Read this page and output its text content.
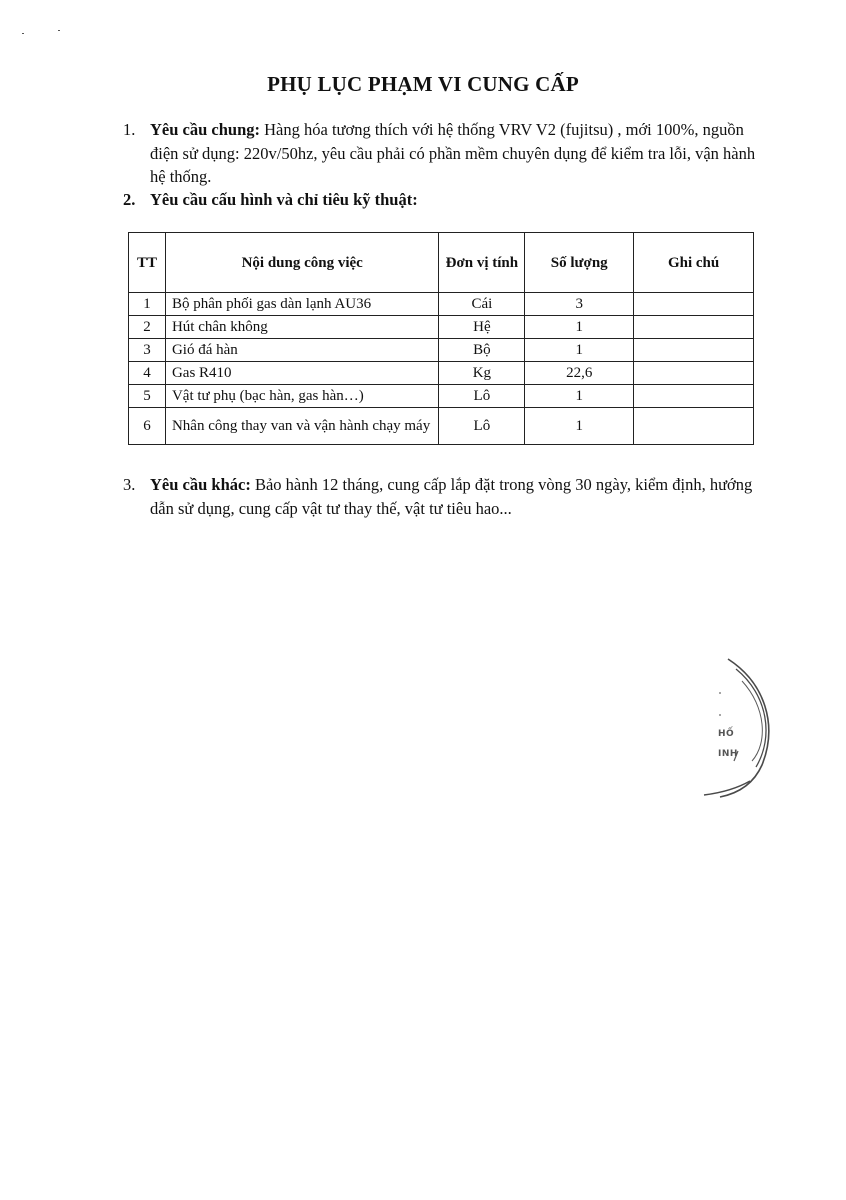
PHỤ LỤC PHẠM VI CUNG CẤP
1. Yêu cầu chung: Hàng hóa tương thích với hệ thống VRV V2 (fujitsu) , mới 100%, nguồn điện sử dụng: 220v/50hz, yêu cầu phải có phần mềm chuyên dụng để kiểm tra lỗi, vận hành hệ thống.
2. Yêu cầu cấu hình và chỉ tiêu kỹ thuật:
TT	Nội dung công việc	Đơn vị tính	Số lượng	Ghi chú
1	Bộ phân phối gas dàn lạnh AU36	Cái	3	
2	Hút chân không	Hệ	1	
3	Gió đá hàn	Bộ	1	
4	Gas R410	Kg	22,6	
5	Vật tư phụ (bạc hàn, gas hàn…)	Lô	1	
6	Nhân công thay van và vận hành chạy máy	Lô	1	
3. Yêu cầu khác: Bảo hành 12 tháng, cung cấp lắp đặt trong vòng 30 ngày, kiểm định, hướng dẫn sử dụng, cung cấp vật tư thay thế, vật tư tiêu hao...
HỐ
INH
